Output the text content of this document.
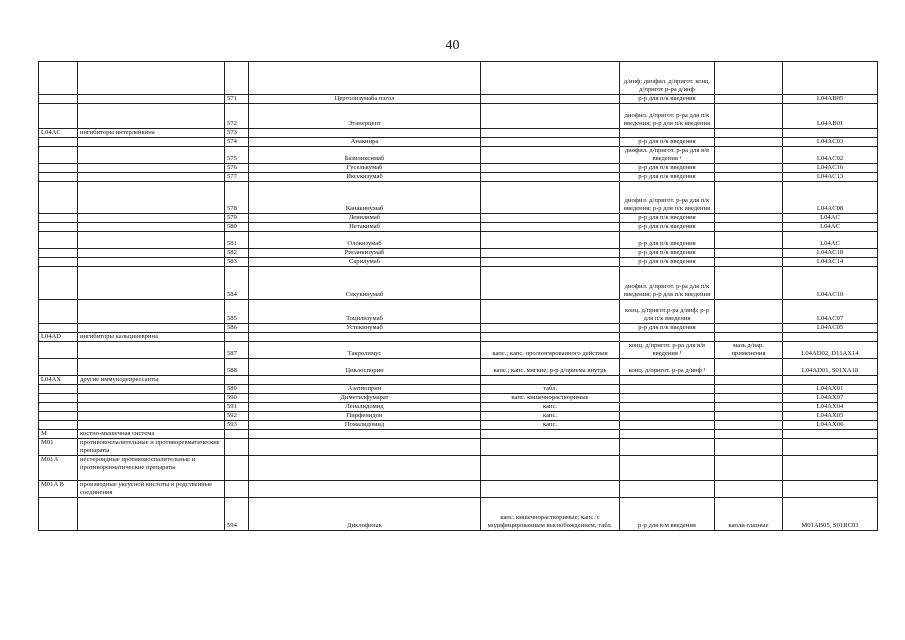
40
					д/инф; диофил. д/пригот. конц. д/пригот р-ра д/инф		
		571	Цертолизумаба пэгол		р-р для п/к введения		L04AB05
		572	Этанерцепт		диофил. д/пригот. р-ра для п/к введения; р-р для п/к введения		L04AB01
L04AC	ингибиторы интерлейкина	573					
		574	Анакинра		р-р для п/к введения		L04AC03
		575	Базиликсимаб		диофил. д/пригот. р-ра для в/в введения ¹		L04AC02
		576	Гуселькумаб		р-р для п/к введения		L04AC16
		577	Иксекизумаб		р-р для п/к введения		L04AC13
		578	Канакинумаб		диофил. д/пригот. р-ра для п/к введения; р-р для п/к введения		L04AC08
		579	Левилимаб		р-р для п/к введения		L04AC
		580	Нетакимаб		р-р для п/к введения		L04AC
		581	Олокизумаб		р-р для п/к введения		L04AC
		582	Рисанкизумаб		р-р для п/к введения		L04AC18
		583	Сарилумаб		р-р для п/к введения		L04AC14
		584	Секукинумаб		диофил. д/пригот. р-ра для п/к введения; р-р для п/к введения		L04AC10
		585	Тоцилизумаб		конц. д/пригот.р-ра д/инф; р-р для п/к введения		L04AC07
		586	Устекинумаб		р-р для п/к введения		L04AC05
L04AD	ингибиторы кальциневрина						
		587	Такролимус	капс.; капс. пролонгированного действия	конц. д/пригот. р-ра для в/в введения ¹	мазь д/нар. применения	L04AD02, D11AX14
		588	Циклоспорин	капс.; капс. мягкие; р-р д/приема внутрь	конц. д/пригот. р-ра д/инф ¹		L04AD01, S01XA18
L04AX	другие иммунодепрессанты						
		589	Азатиоприн	табл.			L04AX01
		590	Диметилфумарат	капс. кишечнорастворимые			L04AX07
		591	Леналидомид	капс.			L04AX04
		592	Пирфенидон	капс.			L04AX05
		593	Помалидомид	капс.			L04AX06
M	костно-мышечная система						
M01	противовоспалительные и противоревматические препараты						
M01A	нестероидные противовоспалительные и противоревматические препараты						
M01A B	производные уксусной кислоты и родственные соединения						
		594	Диклофенак	капс. кишечнорастворимые; капс. с модифицированным высвобождением; табл.	р-р для в/м введения	капли глазные	M01AB05, S01BC03
